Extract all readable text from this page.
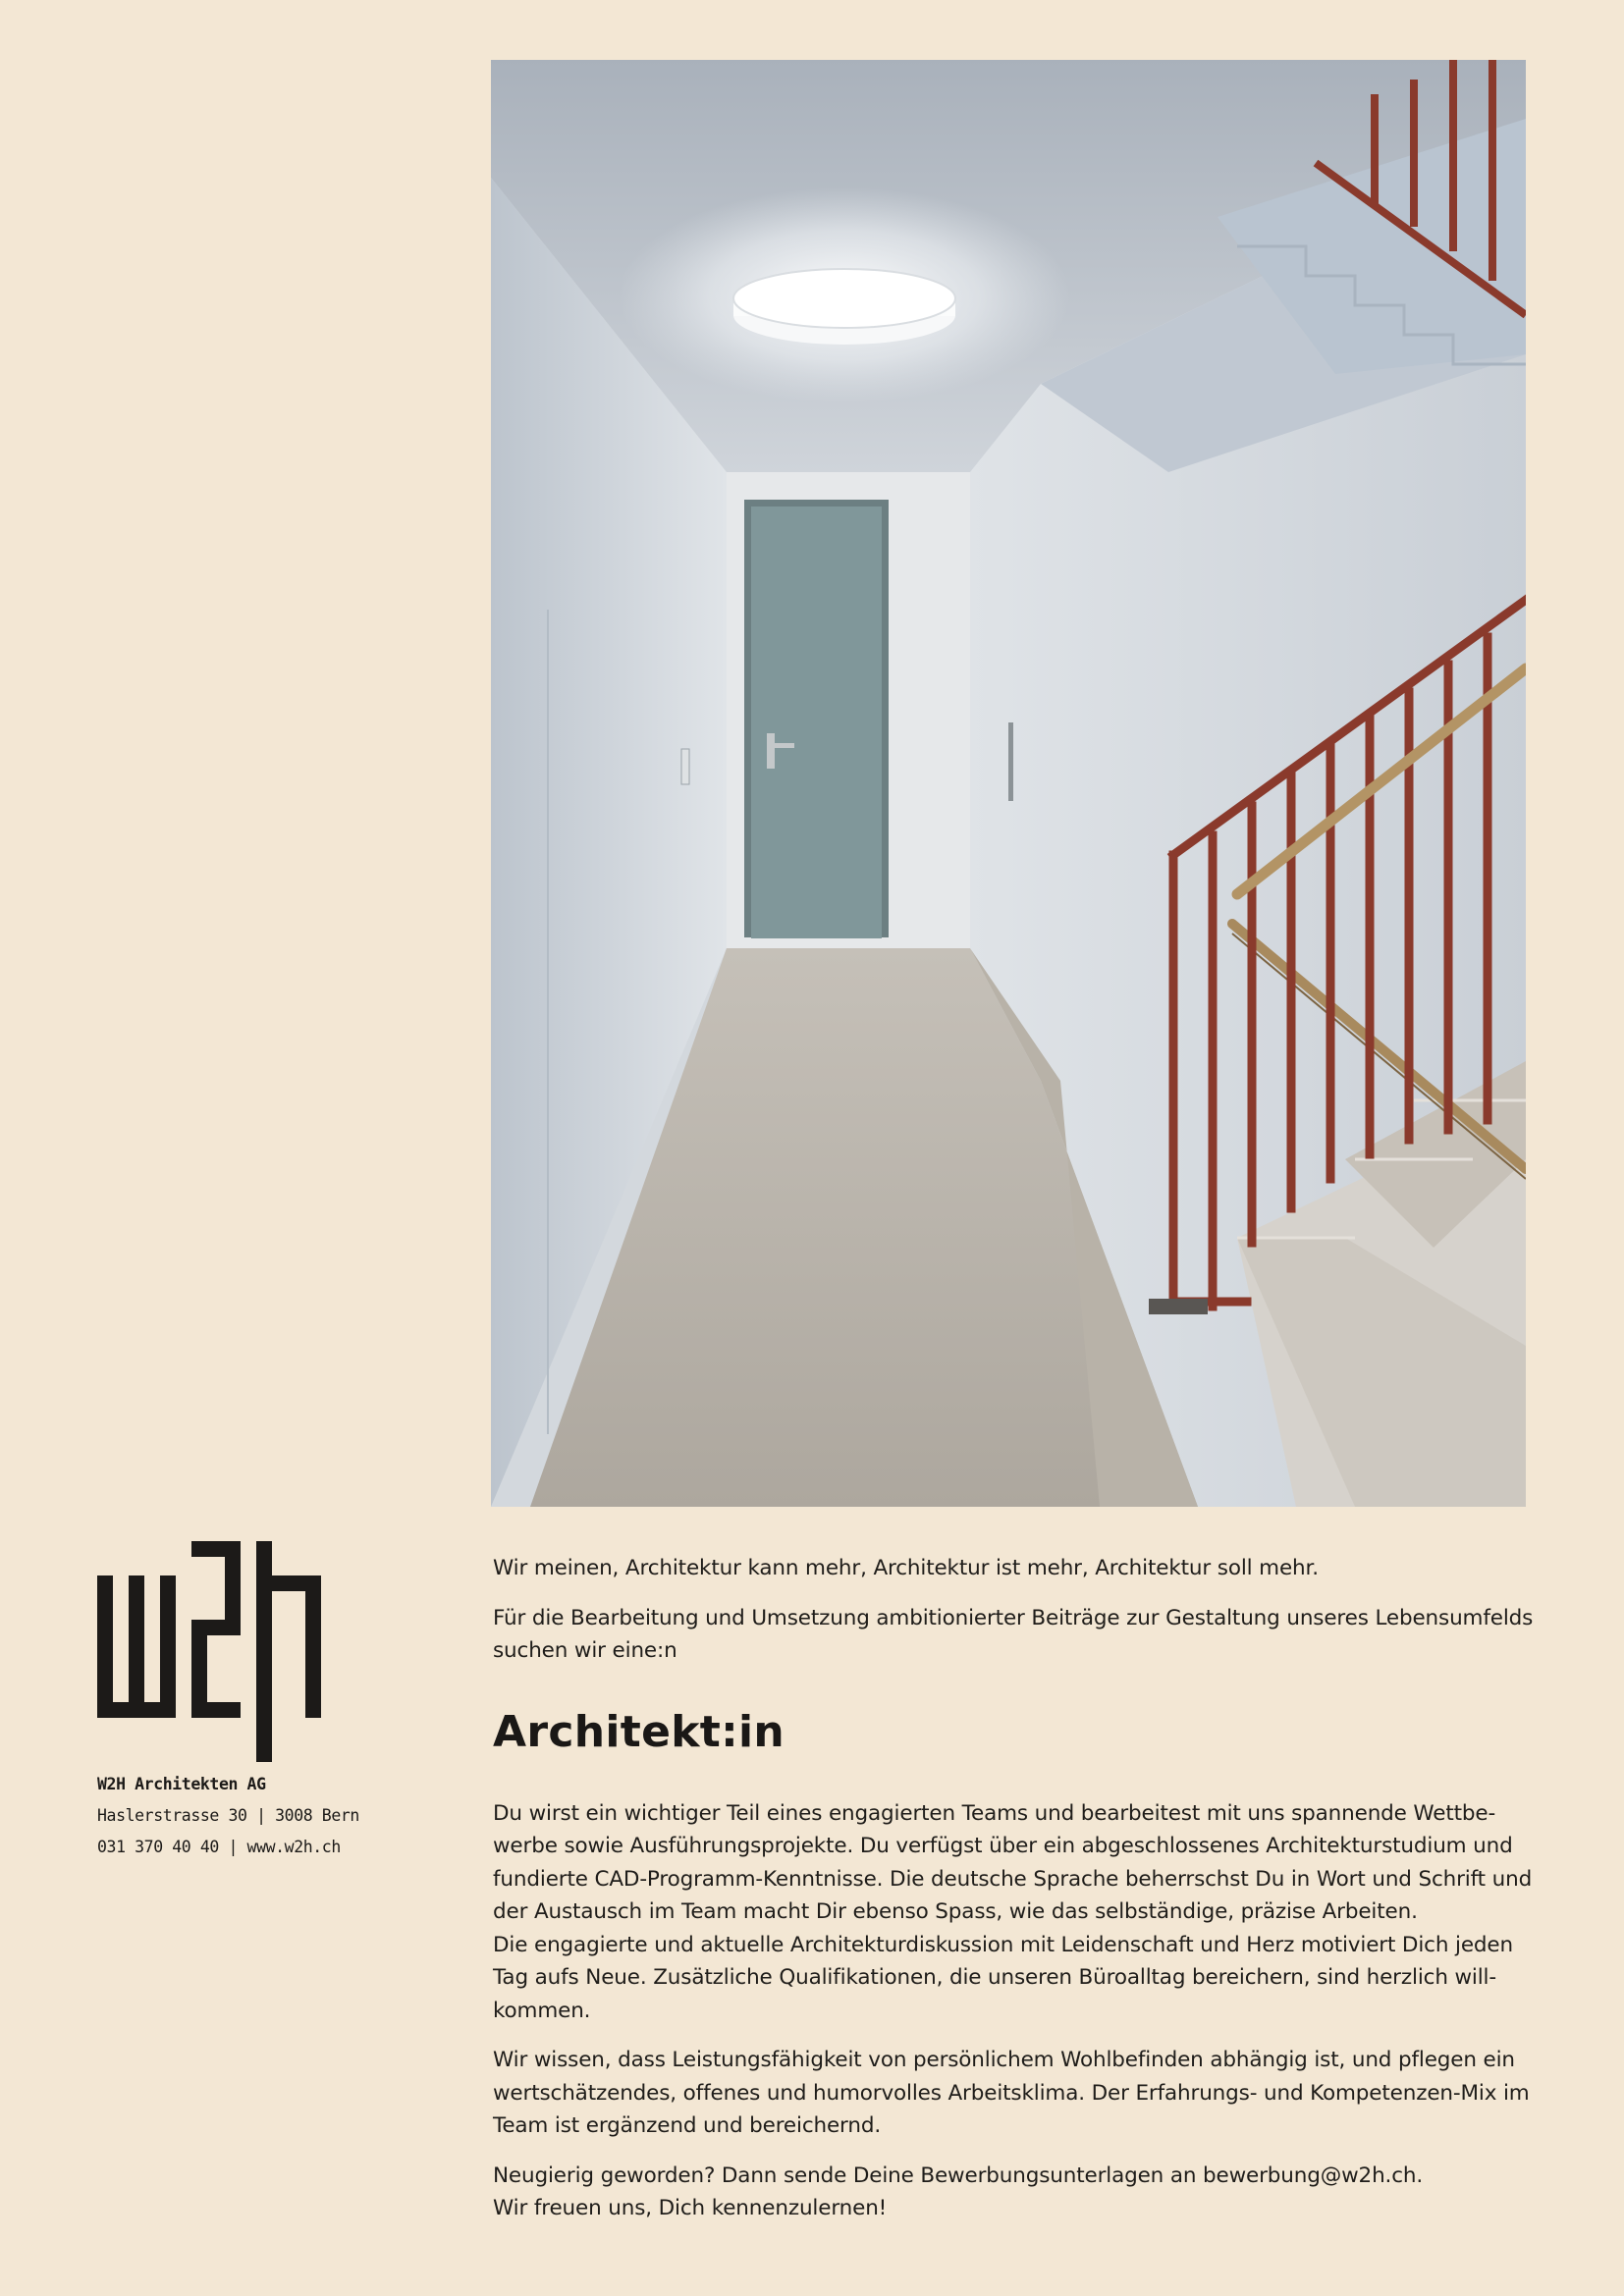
W2H Architekten AG
Haslerstrasse 30 | 3008 Bern
031 370 40 40 | www.w2h.ch

Wir meinen, Architektur kann mehr, Architektur ist mehr, Architektur soll mehr.

Für die Bearbeitung und Umsetzung ambitionierter Beiträge zur Gestaltung unseres Lebensumfelds
suchen wir eine:n

Architekt:in

Du wirst ein wichtiger Teil eines engagierten Teams und bearbeitest mit uns spannende Wettbe-
werbe sowie Ausführungsprojekte. Du verfügst über ein abgeschlossenes Architekturstudium und
fundierte CAD-Programm-Kenntnisse. Die deutsche Sprache beherrschst Du in Wort und Schrift und
der Austausch im Team macht Dir ebenso Spass, wie das selbständige, präzise Arbeiten.
Die engagierte und aktuelle Architekturdiskussion mit Leidenschaft und Herz motiviert Dich jeden
Tag aufs Neue. Zusätzliche Qualifikationen, die unseren Büroalltag bereichern, sind herzlich will-
kommen.

Wir wissen, dass Leistungsfähigkeit von persönlichem Wohlbefinden abhängig ist, und pflegen ein
wertschätzendes, offenes und humorvolles Arbeitsklima. Der Erfahrungs- und Kompetenzen-Mix im
Team ist ergänzend und bereichernd.

Neugierig geworden? Dann sende Deine Bewerbungsunterlagen an bewerbung@w2h.ch.
Wir freuen uns, Dich kennenzulernen!
